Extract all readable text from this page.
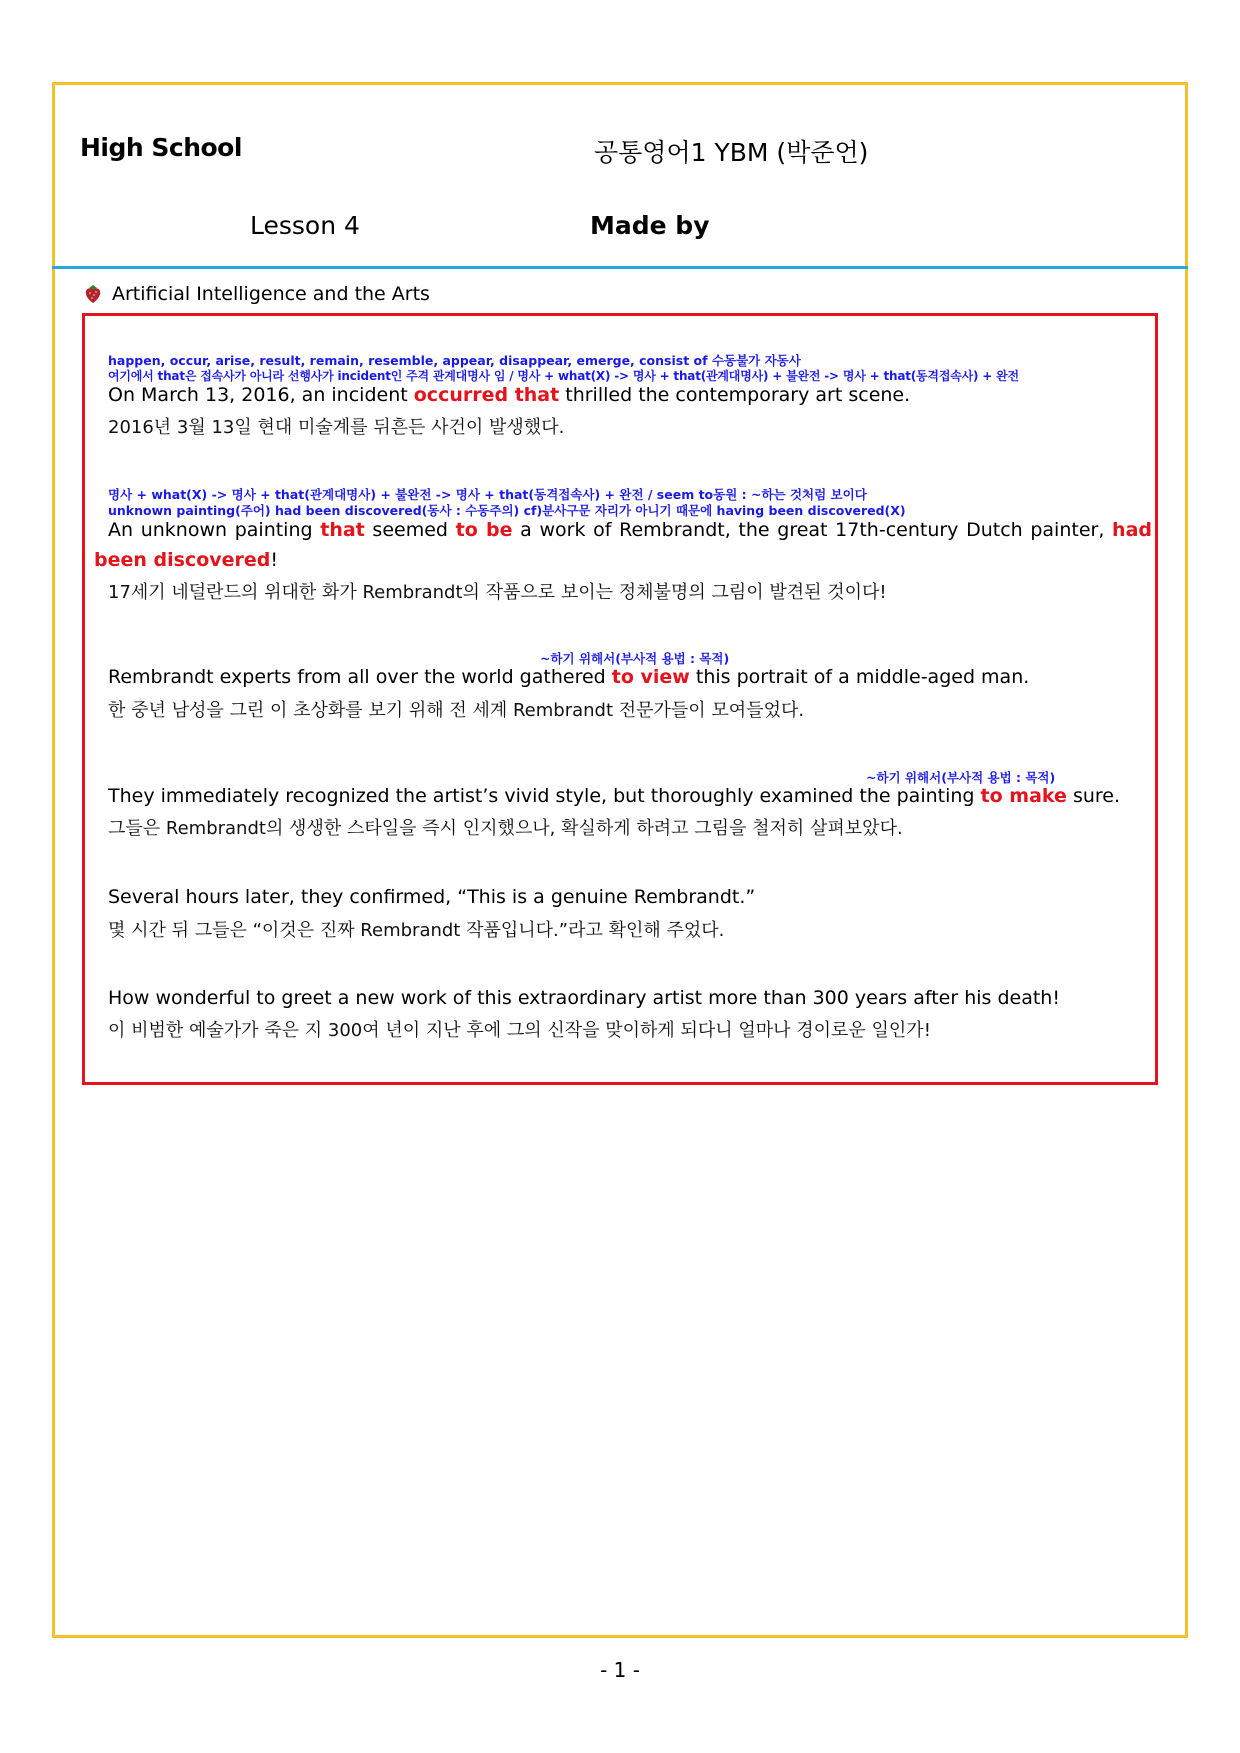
High School	공통영어1 YBM (박준언)
Lesson 4	Made by
Artificial Intelligence and the Arts
happen, occur, arise, result, remain, resemble, appear, disappear, emerge, consist of 수동불가 자동사
여기에서 that은 접속사가 아니라 선행사가 incident인 주격 관계대명사 임 / 명사 + what(X) -> 명사 + that(관계대명사) + 불완전 -> 명사 + that(동격접속사) + 완전
On March 13, 2016, an incident occurred that thrilled the contemporary art scene.
2016년 3월 13일 현대 미술계를 뒤흔든 사건이 발생했다.
명사 + what(X) -> 명사 + that(관계대명사) + 불완전 -> 명사 + that(동격접속사) + 완전 / seem to동원 : ~하는 것처럼 보이다
unknown painting(주어) had been discovered(동사 : 수동주의) cf)분사구문 자리가 아니기 때문에 having been discovered(X)
An unknown painting that seemed to be a work of Rembrandt, the great 17th-century Dutch painter, had
been discovered!
17세기 네덜란드의 위대한 화가 Rembrandt의 작품으로 보이는 정체불명의 그림이 발견된 것이다!
~하기 위해서(부사적 용법 : 목적)
Rembrandt experts from all over the world gathered to view this portrait of a middle-aged man.
한 중년 남성을 그린 이 초상화를 보기 위해 전 세계 Rembrandt 전문가들이 모여들었다.
~하기 위해서(부사적 용법 : 목적)
They immediately recognized the artist’s vivid style, but thoroughly examined the painting to make sure.
그들은 Rembrandt의 생생한 스타일을 즉시 인지했으나, 확실하게 하려고 그림을 철저히 살펴보았다.
Several hours later, they confirmed, “This is a genuine Rembrandt.”
몇 시간 뒤 그들은 “이것은 진짜 Rembrandt 작품입니다.”라고 확인해 주었다.
How wonderful to greet a new work of this extraordinary artist more than 300 years after his death!
이 비범한 예술가가 죽은 지 300여 년이 지난 후에 그의 신작을 맞이하게 되다니 얼마나 경이로운 일인가!
- 1 -
